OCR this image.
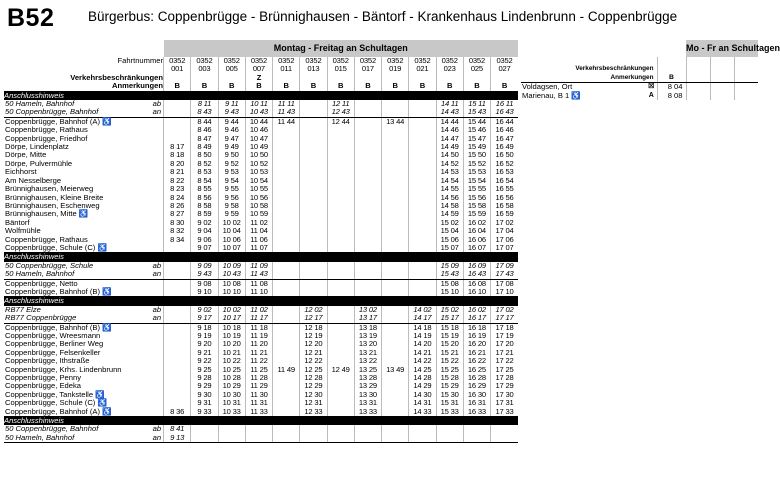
B52 Bürgerbus: Coppenbrügge - Brünnighausen - Bäntorf - Krankenhaus Lindenbrunn - Coppenbrügge
		Montag - Freitag an Schultagen												
Fahrtnummer		0352	0352	0352	0352	0352	0352	0352	0352	0352	0352	0352	0352	0352
		001	003	005	007	011	013	015	017	019	021	023	025	027
Verkehrsbeschränkungen					Z									
Anmerkungen		B	B	B	B	B	B	B	B	B	B	B	B	B
Anschlusshinweis														
50 Hameln, Bahnhof	ab		8 11	9 11	10 11	11 11		12 11				14 11	15 11	16 11
50 Coppenbrügge, Bahnhof	an		8 43	9 43	10 43	11 43		12 43				14 43	15 43	16 43
Coppenbrügge, Bahnhof (A) ♿			8 44	9 44	10 44	11 44		12 44		13 44		14 44	15 44	16 44
Coppenbrügge, Rathaus			8 46	9 46	10 46							14 46	15 46	16 46
Coppenbrügge, Friedhof			8 47	9 47	10 47							14 47	15 47	16 47
Dörpe, Lindenplatz		8 17	8 49	9 49	10 49							14 49	15 49	16 49
Dörpe, Mitte		8 18	8 50	9 50	10 50							14 50	15 50	16 50
Dörpe, Pulvermühle		8 20	8 52	9 52	10 52							14 52	15 52	16 52
Eichhorst		8 21	8 53	9 53	10 53							14 53	15 53	16 53
Am Nesselberge		8 22	8 54	9 54	10 54							14 54	15 54	16 54
Brünnighausen, Meierweg		8 23	8 55	9 55	10 55							14 55	15 55	16 55
Brünnighausen, Kleine Breite		8 24	8 56	9 56	10 56							14 56	15 56	16 56
Brünnighausen, Eschenweg		8 26	8 58	9 58	10 58							14 58	15 58	16 58
Brünnighausen, Mitte ♿		8 27	8 59	9 59	10 59							14 59	15 59	16 59
Bäntorf		8 30	9 02	10 02	11 02							15 02	16 02	17 02
Wolfmühle		8 32	9 04	10 04	11 04							15 04	16 04	17 04
Coppenbrügge, Rathaus		8 34	9 06	10 06	11 06							15 06	16 06	17 06
Coppenbrügge, Schule (C) ♿			9 07	10 07	11 07							15 07	16 07	17 07
Anschlusshinweis														
50 Coppenbrügge, Schule	ab		9 09	10 09	11 09							15 09	16 09	17 09
50 Hameln, Bahnhof	an		9 43	10 43	11 43							15 43	16 43	17 43
Coppenbrügge, Netto			9 08	10 08	11 08							15 08	16 08	17 08
Coppenbrügge, Bahnhof (B) ♿			9 10	10 10	11 10							15 10	16 10	17 10
Anschlusshinweis														
RB77 Elze	ab		9 02	10 02	11 02		12 02		13 02		14 02	15 02	16 02	17 02
RB77 Coppenbrügge	an		9 17	10 17	11 17		12 17		13 17		14 17	15 17	16 17	17 17
Coppenbrügge, Bahnhof (B) ♿			9 18	10 18	11 18		12 18		13 18		14 18	15 18	16 18	17 18
Coppenbrügge, Wreesmann			9 19	10 19	11 19		12 19		13 19		14 19	15 19	16 19	17 19
Coppenbrügge, Berliner Weg			9 20	10 20	11 20		12 20		13 20		14 20	15 20	16 20	17 20
Coppenbrügge, Felsenkeller			9 21	10 21	11 21		12 21		13 21		14 21	15 21	16 21	17 21
Coppenbrügge, Ithstraße			9 22	10 22	11 22		12 22		13 22		14 22	15 22	16 22	17 22
Coppenbrügge, Krhs. Lindenbrunn			9 25	10 25	11 25	11 49	12 25	12 49	13 25	13 49	14 25	15 25	16 25	17 25
Coppenbrügge, Penny			9 28	10 28	11 28		12 28		13 28		14 28	15 28	16 28	17 28
Coppenbrügge, Edeka			9 29	10 29	11 29		12 29		13 29		14 29	15 29	16 29	17 29
Coppenbrügge, Tankstelle ♿			9 30	10 30	11 30		12 30		13 30		14 30	15 30	16 30	17 30
Coppenbrügge, Schule (C) ♿			9 31	10 31	11 31		12 31		13 31		14 31	15 31	16 31	17 31
Coppenbrügge, Bahnhof (A) ♿		8 36	9 33	10 33	11 33		12 33		13 33		14 33	15 33	16 33	17 33
Anschlusshinweis														
50 Coppenbrügge, Bahnhof	ab	8 41												
50 Hameln, Bahnhof	an	9 13												
			Mo - Fr an Schultagen		

Verkehrsbeschränkungen					
Anmerkungen		B			
Voldagsen, Ort	☒	8 04			
Marienau, B 1 ♿	A	8 08			
